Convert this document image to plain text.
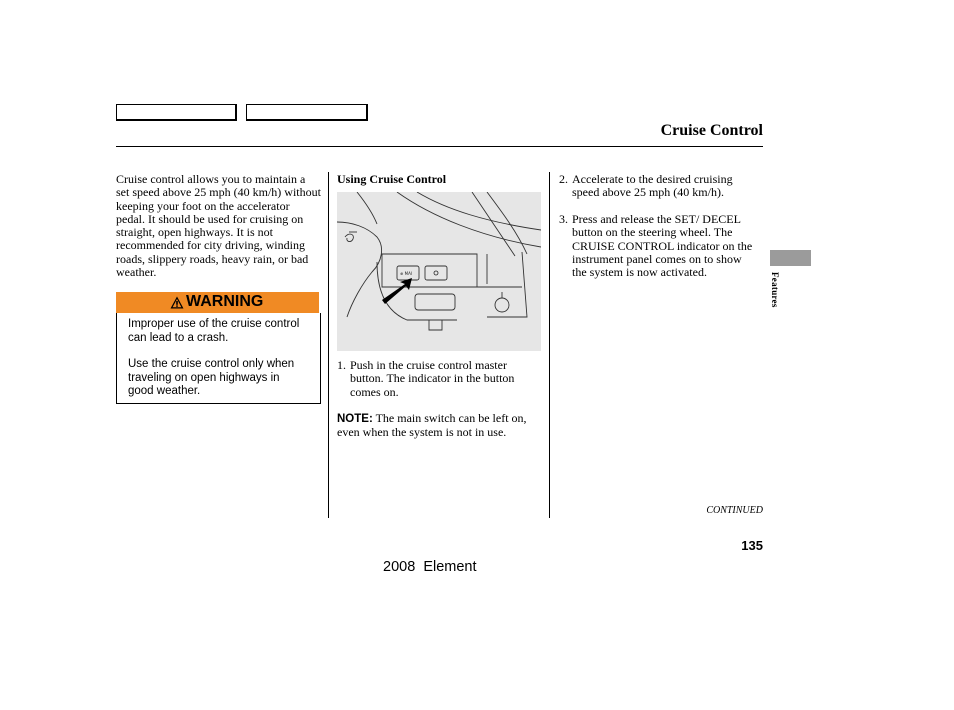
Cruise Control
Cruise control allows you to maintain a set speed above 25 mph (40 km/h) without keeping your foot on the accelerator pedal. It should be used for cruising on straight, open highways. It is not recommended for city driving, winding roads, slippery roads, heavy rain, or bad weather.
WARNING

Improper use of the cruise control can lead to a crash.

Use the cruise control only when traveling on open highways in good weather.

Using Cruise Control
⊕ MAI
1. Push in the cruise control master button. The indicator in the button comes on.
NOTE: The main switch can be left on, even when the system is not in use.
2. Accelerate to the desired cruising speed above 25 mph (40 km/h).
3. Press and release the SET/ DECEL button on the steering wheel. The CRUISE CONTROL indicator on the instrument panel comes on to show the system is now activated.	Features
CONTINUED
135
2008  Element
